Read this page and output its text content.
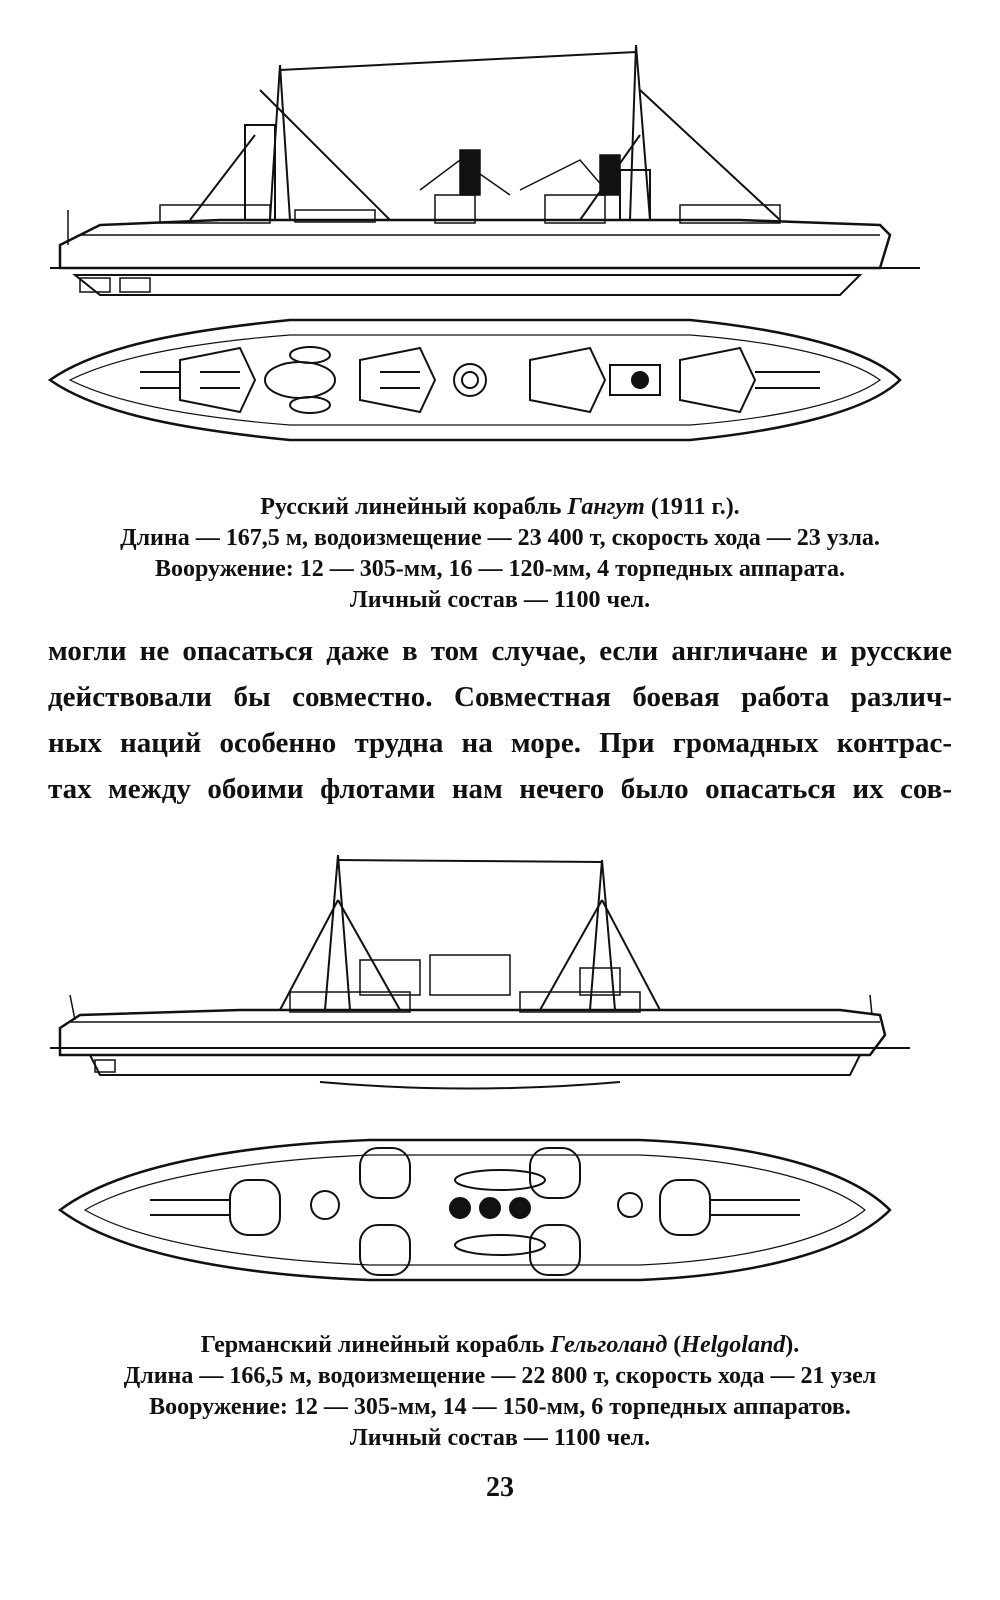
Русский линейный корабль Гангут (1911 г.).
Длина — 167,5 м, водоизмещение — 23 400 т, скорость хода — 23 узла.
Вооружение: 12 — 305-мм, 16 — 120-мм, 4 торпедных аппарата.
Личный состав — 1100 чел.
могли не опасаться даже в том случае, если англичане и русские
действовали бы совместно. Совместная боевая работа различ-
ных наций особенно трудна на море. При громадных контрас-
тах между обоими флотами нам нечего было опасаться их сов-
Германский линейный корабль Гельголанд (Helgoland).
Длина — 166,5 м, водоизмещение — 22 800 т, скорость хода — 21 узел
Вооружение: 12 — 305-мм, 14 — 150-мм, 6 торпедных аппаратов.
Личный состав — 1100 чел.
23
